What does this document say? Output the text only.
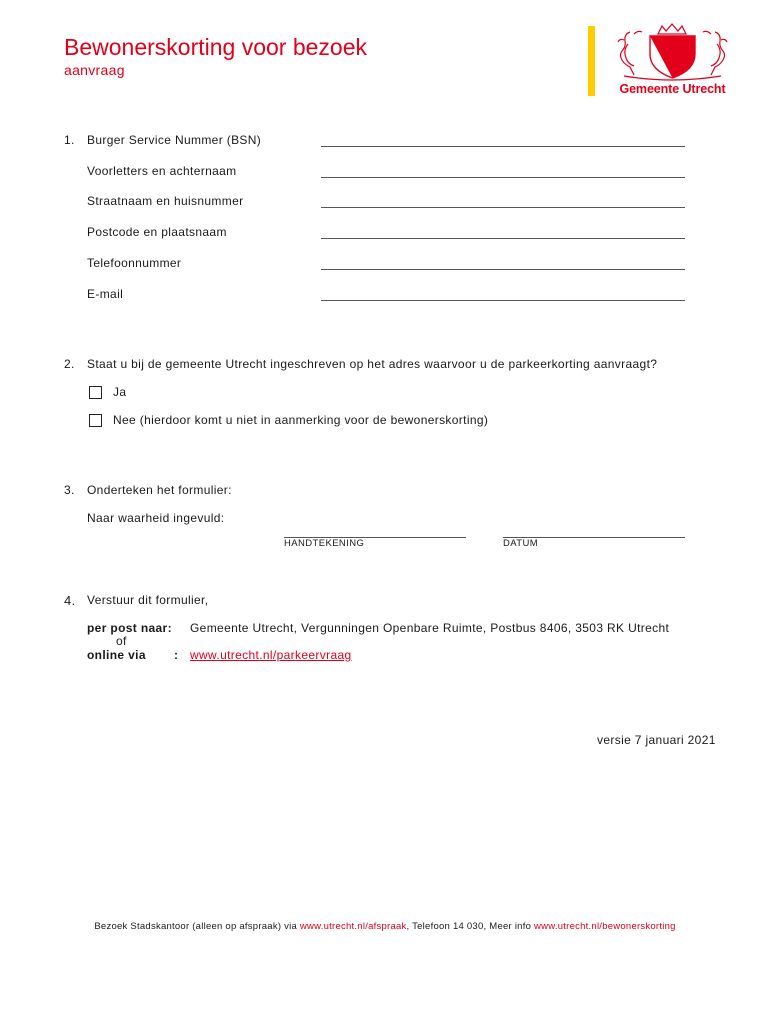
Bewonerskorting voor bezoek
aanvraag
Gemeente Utrecht
1.	Burger Service Nummer (BSN)
Voorletters en achternaam
Straatnaam en huisnummer
Postcode en plaatsnaam
Telefoonnummer
E-mail
2.	Staat u bij de gemeente Utrecht ingeschreven op het adres waarvoor u de parkeerkorting aanvraagt?
Ja
Nee (hierdoor komt u niet in aanmerking voor de bewonerskorting)
3.	Onderteken het formulier:
Naar waarheid ingevuld:
HANDTEKENING	DATUM
4. Verstuur dit formulier,
per post naar: Gemeente Utrecht, Vergunningen Openbare Ruimte, Postbus 8406, 3503 RK Utrecht
of
online via : www.utrecht.nl/parkeervraag
versie 7 januari 2021
Bezoek Stadskantoor (alleen op afspraak) via www.utrecht.nl/afspraak, Telefoon 14 030, Meer info www.utrecht.nl/bewonerskorting
